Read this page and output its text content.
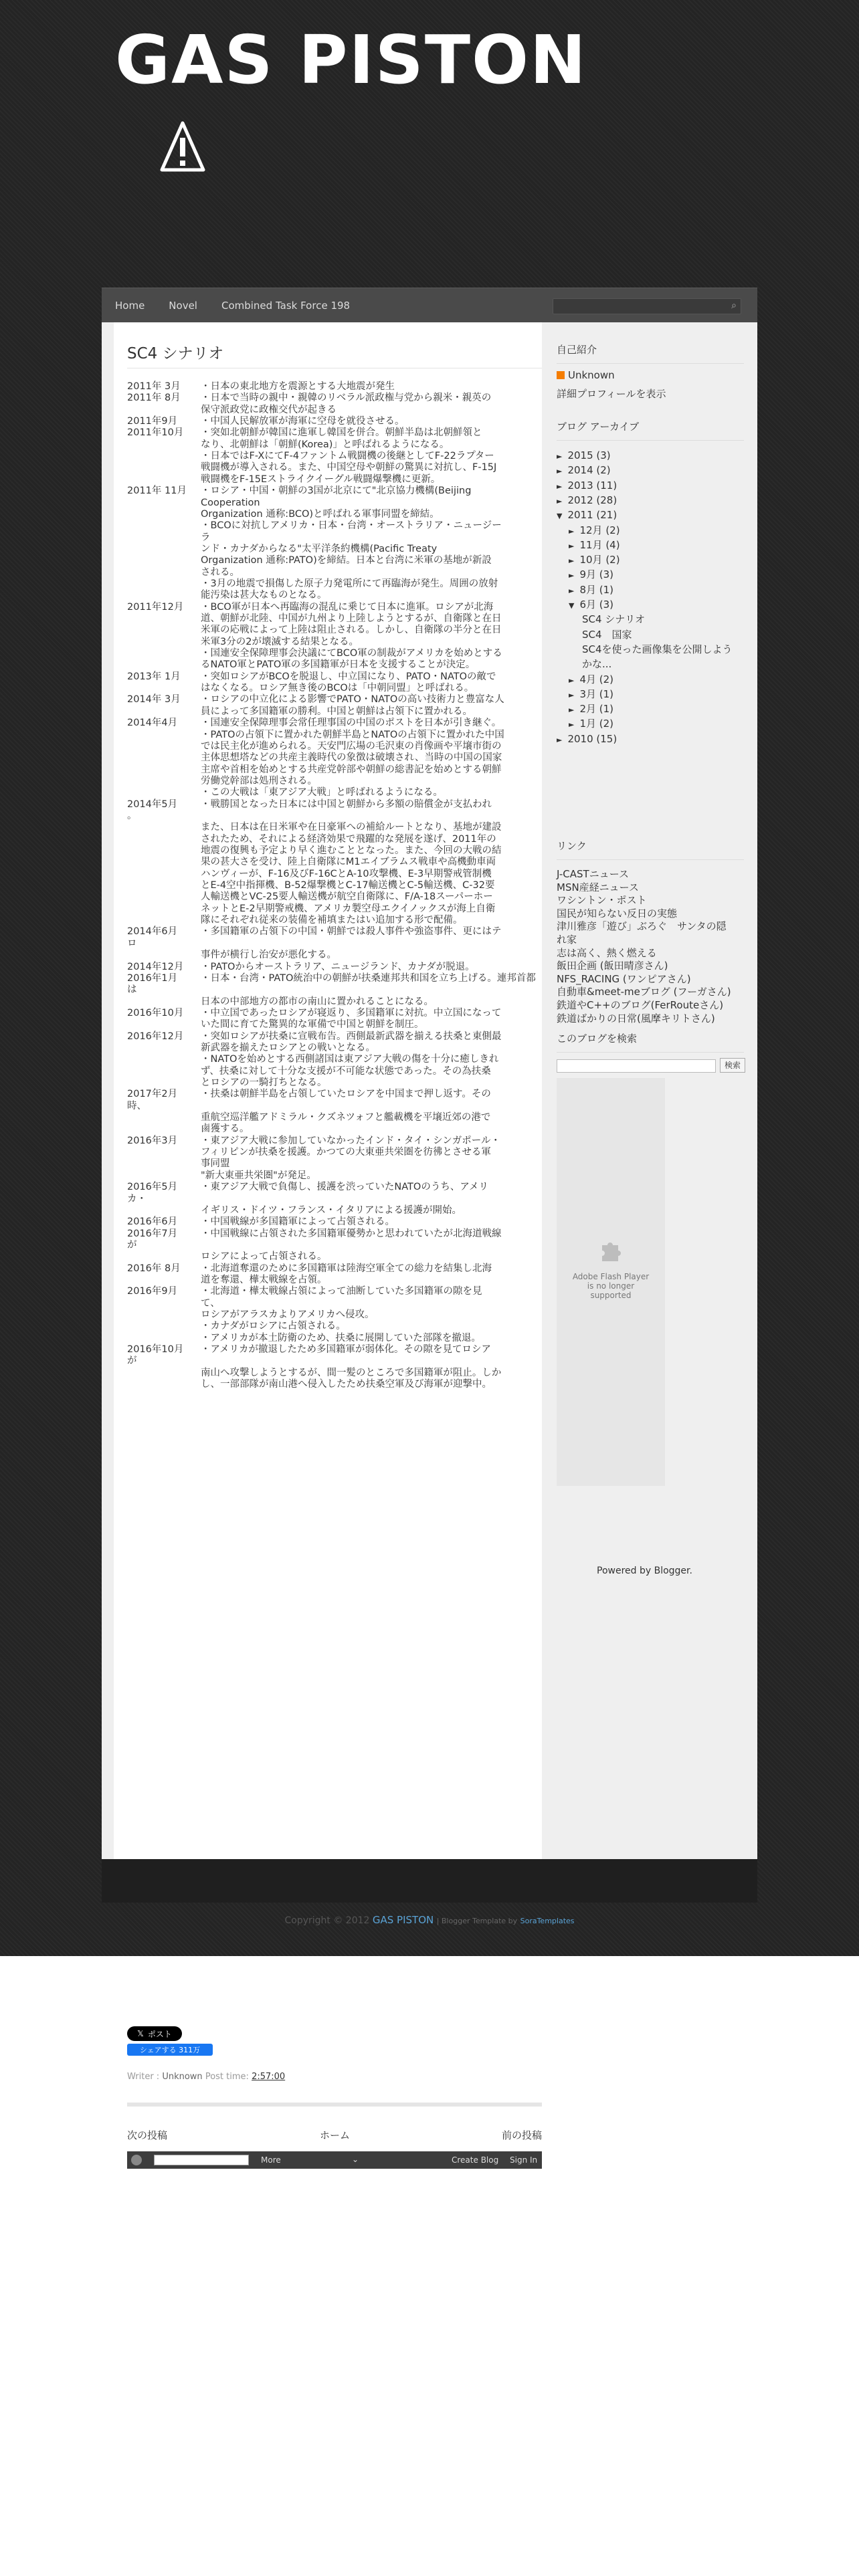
GAS PISTON
Home Novel Combined Task Force 198	⌕
SC4 シナリオ
2011年 3月 ・日本の東北地方を震源とする大地震が発生
2011年 8月 ・日本で当時の親中・親韓のリベラル派政権与党から親米・親英の
保守派政党に政権交代が起きる
2011年9月 ・中国人民解放軍が海軍に空母を就役させる。
2011年10月 ・突如北朝鮮が韓国に進軍し韓国を併合。朝鮮半島は北朝鮮領と
なり、北朝鮮は「朝鮮(Korea)」と呼ばれるようになる。
・日本ではF-XにてF-4ファントム戦闘機の後継としてF-22ラプター
戦闘機が導入される。また、中国空母や朝鮮の驚異に対抗し、F-15J
戦闘機をF-15Eストライクイーグル戦闘爆撃機に更新。
2011年 11月 ・ロシア・中国・朝鮮の3国が北京にて"北京協力機構(Beijing
Cooperation
Organization 通称:BCO)と呼ばれる軍事同盟を締結。
・BCOに対抗しアメリカ・日本・台湾・オーストラリア・ニュージー
ラ
ンド・カナダからなる"太平洋条約機構(Pacific Treaty
Organization 通称:PATO)を締結。日本と台湾に米軍の基地が新設
される。
・3月の地震で損傷した原子力発電所にて再臨海が発生。周囲の放射
能汚染は甚大なものとなる。
2011年12月 ・BCO軍が日本へ再臨海の混乱に乗じて日本に進軍。ロシアが北海
道、朝鮮が北陸、中国が九州より上陸しようとするが、自衛隊と在日
米軍の応戦によって上陸は阻止される。しかし、自衛隊の半分と在日
米軍3分の2が壊滅する結果となる。
・国連安全保障理事会決議にてBCO軍の制裁がアメリカを始めとする
るNATO軍とPATO軍の多国籍軍が日本を支援することが決定。
2013年 1月 ・突如ロシアがBCOを脱退し、中立国になり、PATO・NATOの敵で
はなくなる。ロシア無き後のBCOは「中朝同盟」と呼ばれる。
2014年 3月 ・ロシアの中立化による影響でPATO・NATOの高い技術力と豊富な人
員によって多国籍軍の勝利。中国と朝鮮は占領下に置かれる。
2014年4月 ・国連安全保障理事会常任理事国の中国のポストを日本が引き継ぐ。
・PATOの占領下に置かれた朝鮮半島とNATOの占領下に置かれた中国
では民主化が進められる。天安門広場の毛沢東の肖像画や平壌市街の
主体思想塔などの共産主義時代の象徴は破壊され、当時の中国の国家
主席や首相を始めとする共産党幹部や朝鮮の総書記を始めとする朝鮮
労働党幹部は処刑される。
・この大戦は「東アジア大戦」と呼ばれるようになる。
2014年5月 ・戦勝国となった日本には中国と朝鮮から多額の賠償金が支払われ
。
また、日本は在日米軍や在日豪軍への補給ルートとなり、基地が建設
されたため、それによる経済効果で飛躍的な発展を遂げ、2011年の
地震の復興も予定より早く進むこととなった。また、今回の大戦の結
果の甚大さを受け、陸上自衛隊にM1エイブラムス戦車や高機動車両
ハンヴィーが、F-16及びF-16CとA-10攻撃機、E-3早期警戒管制機
とE-4空中指揮機、B-52爆撃機とC-17輸送機とC-5輸送機、C-32要
人輸送機とVC-25要人輸送機が航空自衛隊に、F/A-18スーパーホー
ネットとE-2早期警戒機、アメリカ製空母エクイノックスが海上自衛
隊にそれぞれ従来の装備を補填またはい追加する形で配備。
2014年6月 ・多国籍軍の占領下の中国・朝鮮では殺人事件や強盗事件、更にはテ
ロ
事件が横行し治安が悪化する。
2014年12月 ・PATOからオーストラリア、ニュージランド、カナダが脱退。
2016年1月 ・日本・台湾・PATO統治中の朝鮮が扶桑連邦共和国を立ち上げる。連邦首都
は
日本の中部地方の都市の南山に置かれることになる。
2016年10月 ・中立国であったロシアが寝返り、多国籍軍に対抗。中立国になって
いた間に育てた驚異的な軍備で中国と朝鮮を制圧。
2016年12月 ・突如ロシアが扶桑に宣戦布告。西側最新武器を揃える扶桑と東側最
新武器を揃えたロシアとの戦いとなる。
・NATOを始めとする西側諸国は東アジア大戦の傷を十分に癒しきれ
ず、扶桑に対して十分な支援が不可能な状態であった。その為扶桑
とロシアの一騎打ちとなる。
2017年2月 ・扶桑は朝鮮半島を占領していたロシアを中国まで押し返す。その
時、
重航空巡洋艦アドミラル・クズネツォフと艦載機を平壌近郊の港で
鹵獲する。
2016年3月 ・東アジア大戦に参加していなかったインド・タイ・シンガポール・
フィリピンが扶桑を援護。かつての大東亜共栄圏を彷彿とさせる軍
事同盟
"新大東亜共栄圏"が発足。
2016年5月 ・東アジア大戦で負傷し、援護を渋っていたNATOのうち、アメリ
カ・
イギリス・ドイツ・フランス・イタリアによる援護が開始。
2016年6月 ・中国戦線が多国籍軍によって占領される。
2016年7月 ・中国戦線に占領された多国籍軍優勢かと思われていたが北海道戦線
が
ロシアによって占領される。
2016年 8月 ・北海道奪還のために多国籍軍は陸海空軍全ての総力を結集し北海
道を奪還、樺太戦線を占領。
2016年9月 ・北海道・樺太戦線占領によって油断していた多国籍軍の隙を見
て、
ロシアがアラスカよりアメリカへ侵攻。
・カナダがロシアに占領される。
・アメリカが本土防衛のため、扶桑に展開していた部隊を撤退。
2016年10月 ・アメリカが撤退したため多国籍軍が弱体化。その隙を見てロシア
が
南山へ攻撃しようとするが、間一髪のところで多国籍軍が阻止。しか
し、一部部隊が南山港へ侵入したため扶桑空軍及び海軍が迎撃中。
𝕏 ポスト
シェアする 311万
Writer : Unknown Post time: 2:57:00
次の投稿	ホーム	前の投稿
More	⌄	Create Blog Sign In
自己紹介
Unknown
詳細プロフィールを表示
ブログ アーカイブ
► 2015 (3)
► 2014 (2)
► 2013 (11)
► 2012 (28)
▼ 2011 (21)
► 12月 (2)
► 11月 (4)
► 10月 (2)
► 9月 (3)
► 8月 (1)
▼ 6月 (3)
SC4 シナリオ
SC4　国家
SC4を使った画像集を公開しよう
かな...
► 4月 (2)
► 3月 (1)
► 2月 (1)
► 1月 (2)
► 2010 (15)
リンク
J-CASTニュース
MSN産経ニュース
ワシントン・ポスト
国民が知らない反日の実態
津川雅彦「遊び」ぶろぐ　サンタの隠
れ家
志は高く、熱く燃える
飯田企画 (飯田晴彦さん)
NFS_RACING (ワンピアさん)
自動車&meet-meブログ (フーガさん)
鉄道やC++のブログ(FerRouteさん)
鉄道ばかりの日常(風摩キリトさん)
このブログを検索
検索
Powered by Blogger.
Adobe Flash Player
is no longer
supported
Copyright © 2012 GAS PISTON | Blogger Template by SoraTemplates
